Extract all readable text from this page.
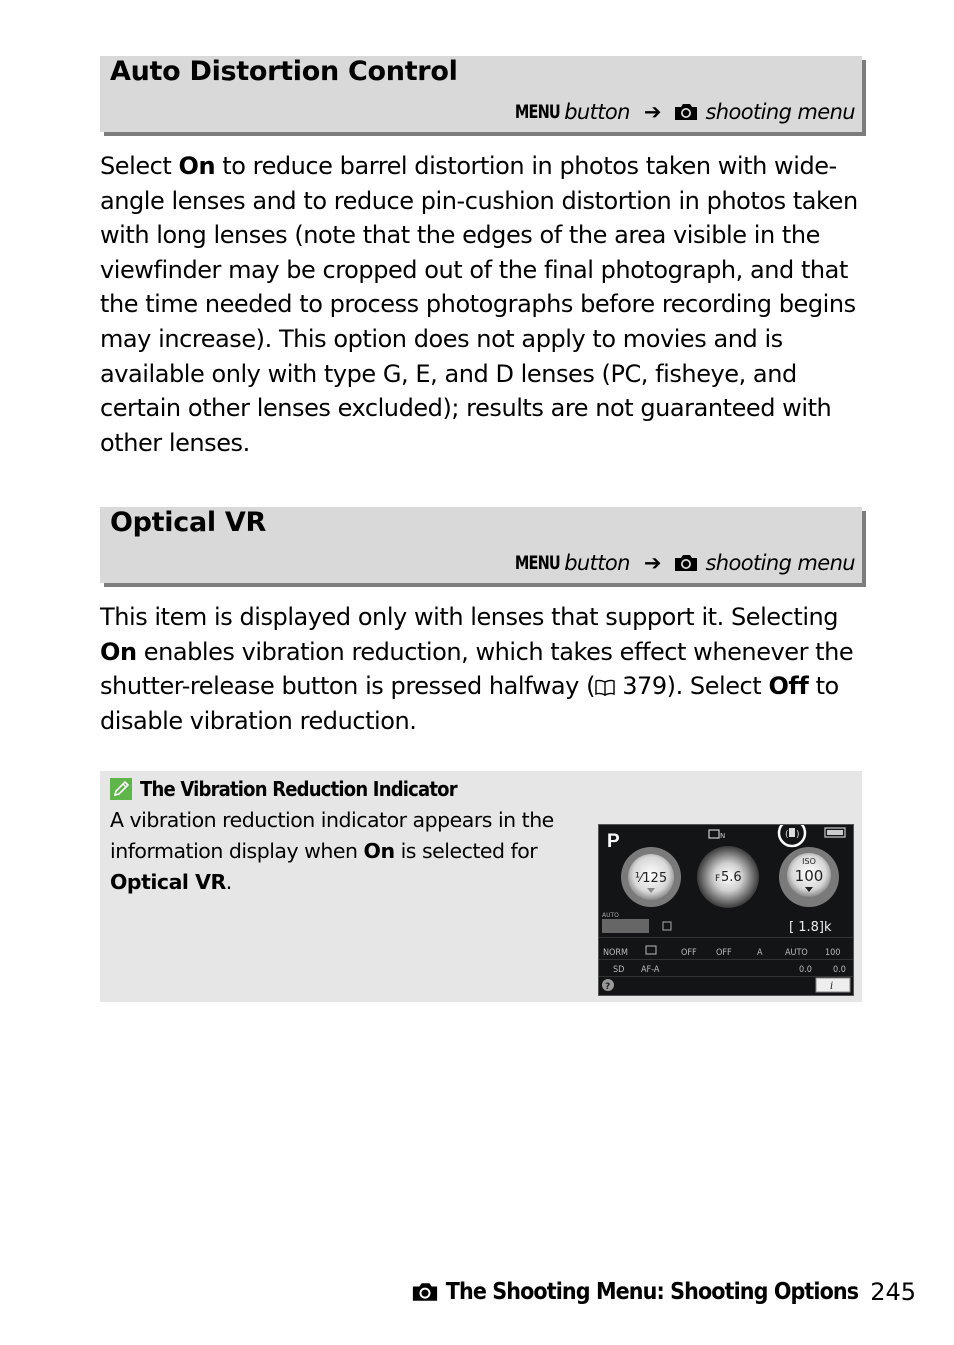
Auto Distortion Control
MENU button ➔ shooting menu
Select On to reduce barrel distortion in photos taken with wide-angle lenses and to reduce pin-cushion distortion in photos taken with long lenses (note that the edges of the area visible in the viewfinder may be cropped out of the final photograph, and that the time needed to process photographs before recording begins may increase). This option does not apply to movies and is available only with type G, E, and D lenses (PC, fisheye, and certain other lenses excluded); results are not guaranteed with other lenses.
Optical VR
MENU button ➔ shooting menu
This item is displayed only with lenses that support it. Selecting On enables vibration reduction, which takes effect whenever the shutter-release button is pressed halfway ( 379). Select Off to disable vibration reduction.
The Vibration Reduction Indicator
A vibration reduction indicator appears in the information display when On is selected for Optical VR.
P	N	( )
¹⁄125	F 5.6
ISO
100
AUTO
[ 1.8]k
NORM	OFF OFF	A AUTO 100
SD AF-A	0.0 0.0
?	i
The Shooting Menu: Shooting Options 245
